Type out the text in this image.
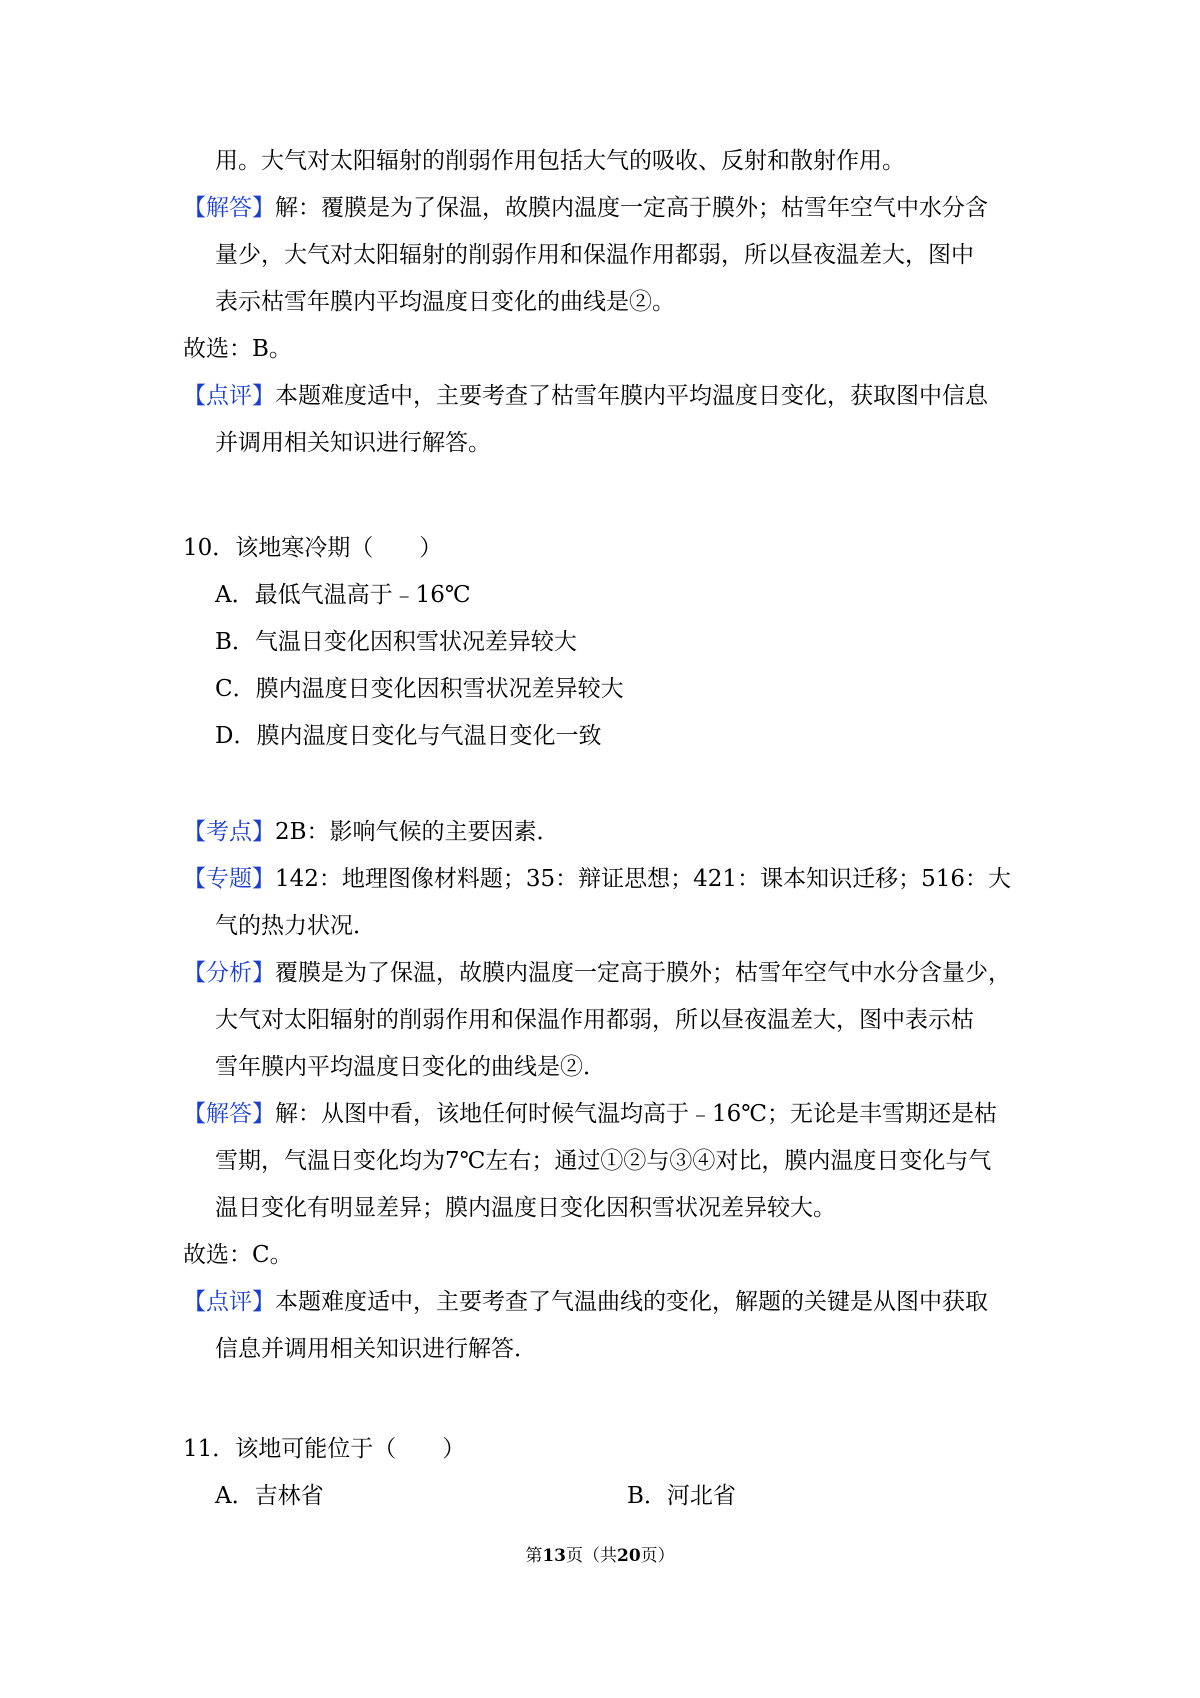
用。大气对太阳辐射的削弱作用包括大气的吸收、反射和散射作用。
【解答】解：覆膜是为了保温，故膜内温度一定高于膜外；枯雪年空气中水分含
量少，大气对太阳辐射的削弱作用和保温作用都弱，所以昼夜温差大，图中
表示枯雪年膜内平均温度日变化的曲线是②。
故选：B。
【点评】本题难度适中，主要考查了枯雪年膜内平均温度日变化，获取图中信息
并调用相关知识进行解答。
10．该地寒冷期（　　）
A．最低气温高于﹣16℃
B．气温日变化因积雪状况差异较大
C．膜内温度日变化因积雪状况差异较大
D．膜内温度日变化与气温日变化一致
【考点】2B：影响气候的主要因素．
【专题】142：地理图像材料题；35：辩证思想；421：课本知识迁移；516：大
气的热力状况．
【分析】覆膜是为了保温，故膜内温度一定高于膜外；枯雪年空气中水分含量少，
大气对太阳辐射的削弱作用和保温作用都弱，所以昼夜温差大，图中表示枯
雪年膜内平均温度日变化的曲线是②．
【解答】解：从图中看，该地任何时候气温均高于﹣16℃；无论是丰雪期还是枯
雪期，气温日变化均为7℃左右；通过①②与③④对比，膜内温度日变化与气
温日变化有明显差异；膜内温度日变化因积雪状况差异较大。
故选：C。
【点评】本题难度适中，主要考查了气温曲线的变化，解题的关键是从图中获取
信息并调用相关知识进行解答．
11．该地可能位于（　　）
A．吉林省	B．河北省
第13页（共20页）
